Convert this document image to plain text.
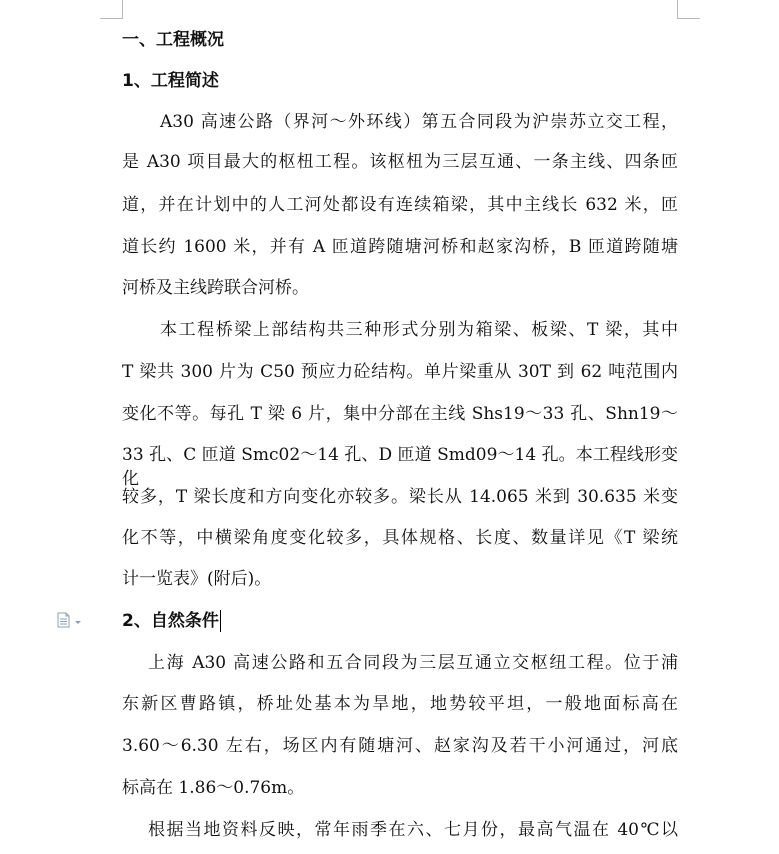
一、工程概况
1、工程简述
A30 高速公路（界河～外环线）第五合同段为沪崇苏立交工程，
是 A30 项目最大的枢杻工程。该枢杻为三层互通、一条主线、四条匝
道，并在计划中的人工河处都设有连续箱梁，其中主线长 632 米，匝
道长约 1600 米，并有 A 匝道跨随塘河桥和赵家沟桥，B 匝道跨随塘
河桥及主线跨联合河桥。
本工程桥梁上部结构共三种形式分别为箱梁、板梁、T 梁，其中
T 梁共 300 片为 C50 预应力砼结构。单片梁重从 30T 到 62 吨范围内
变化不等。每孔 T 梁 6 片，集中分部在主线 Shs19～33 孔、Shn19～
33 孔、C 匝道 Smc02～14 孔、D 匝道 Smd09～14 孔。本工程线形变化
较多，T 梁长度和方向变化亦较多。梁长从 14.065 米到 30.635 米变
化不等，中横梁角度变化较多，具体规格、长度、数量详见《T 梁统
计一览表》(附后)。
2、自然条件
上海 A30 高速公路和五合同段为三层互通立交枢纽工程。位于浦
东新区曹路镇，桥址处基本为旱地，地势较平坦，一般地面标高在
3.60～6.30 左右，场区内有随塘河、赵家沟及若干小河通过，河底
标高在 1.86～0.76m。
根据当地资料反映，常年雨季在六、七月份，最高气温在 40℃以
